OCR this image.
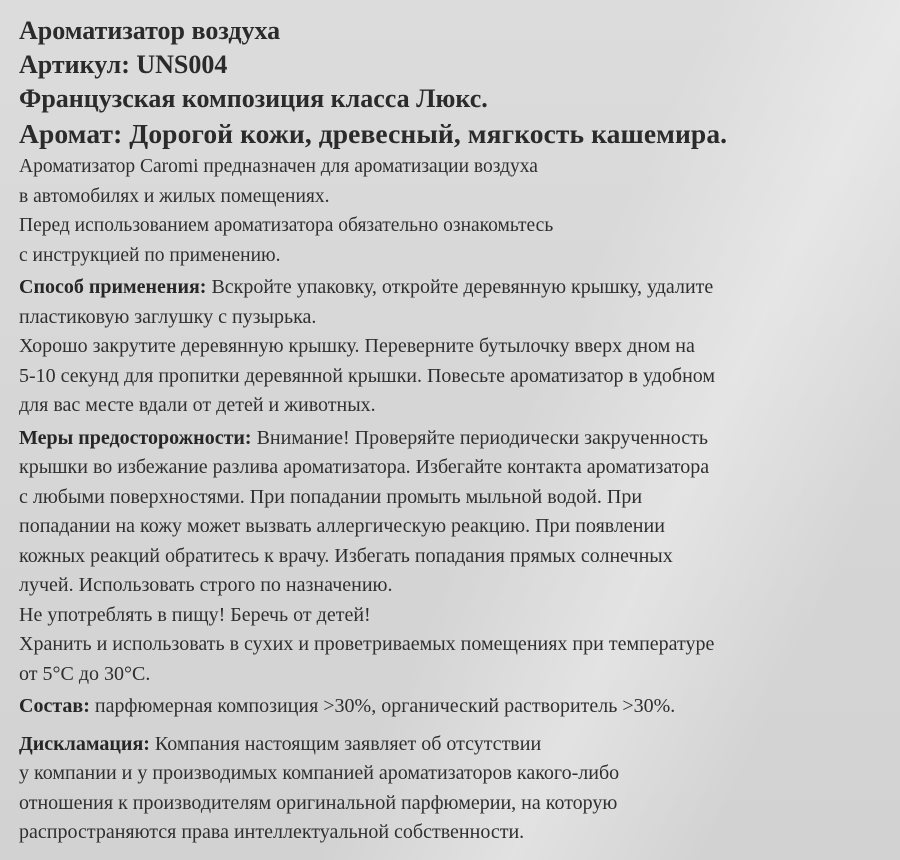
Ароматизатор воздуха
Артикул: UNS004
Французская композиция класса Люкс.
Аромат: Дорогой кожи, древесный, мягкость кашемира.
Ароматизатор Caromi предназначен для ароматизации воздуха
в автомобилях и жилых помещениях.
Перед использованием ароматизатора обязательно ознакомьтесь
с инструкцией по применению.
Способ применения: Вскройте упаковку, откройте деревянную крышку, удалите
пластиковую заглушку с пузырька.
Хорошо закрутите деревянную крышку. Переверните бутылочку вверх дном на
5-10 секунд для пропитки деревянной крышки. Повесьте ароматизатор в удобном
для вас месте вдали от детей и животных.
Меры предосторожности: Внимание! Проверяйте периодически закрученность
крышки во избежание разлива ароматизатора. Избегайте контакта ароматизатора
с любыми поверхностями. При попадании промыть мыльной водой. При
попадании на кожу может вызвать аллергическую реакцию. При появлении
кожных реакций обратитесь к врачу. Избегать попадания прямых солнечных
лучей. Использовать строго по назначению.
Не употреблять в пищу! Беречь от детей!
Хранить и использовать в сухих и проветриваемых помещениях при температуре
от 5°С до 30°С.
Состав: парфюмерная композиция >30%, органический растворитель >30%.
Дисклaмация: Компания настоящим заявляет об отсутствии
у компании и у производимых компанией ароматизаторов какого-либо
отношения к производителям оригинальной парфюмерии, на которую
распространяются права интеллектуальной собственности.
